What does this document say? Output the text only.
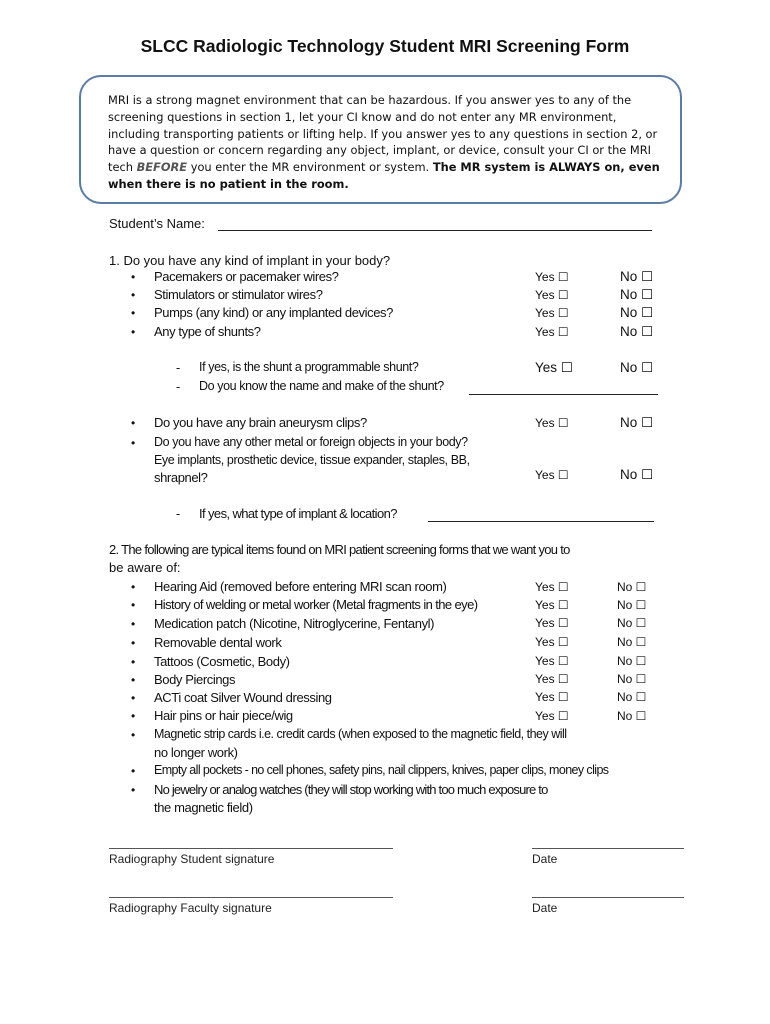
SLCC Radiologic Technology Student MRI Screening Form
MRI is a strong magnet environment that can be hazardous. If you answer yes to any of the screening questions in section 1, let your CI know and do not enter any MR environment, including transporting patients or lifting help. If you answer yes to any questions in section 2, or have a question or concern regarding any object, implant, or device, consult your CI or the MRI tech BEFORE you enter the MR environment or system. The MR system is ALWAYS on, even when there is no patient in the room.
Student’s Name:
1. Do you have any kind of implant in your body?
• Pacemakers or pacemaker wires?	Yes ☐	No ☐
• Stimulators or stimulator wires?	Yes ☐	No ☐
• Pumps (any kind) or any implanted devices?	Yes ☐	No ☐
• Any type of shunts?	Yes ☐	No ☐
- If yes, is the shunt a programmable shunt?	Yes ☐	No ☐
- Do you know the name and make of the shunt?
• Do you have any brain aneurysm clips?	Yes ☐	No ☐
• Do you have any other metal or foreign objects in your body?
Eye implants, prosthetic device, tissue expander, staples, BB,
shrapnel?	Yes ☐	No ☐
- If yes, what type of implant & location?
2. The following are typical items found on MRI patient screening forms that we want you to
be aware of:
• Hearing Aid (removed before entering MRI scan room)	Yes ☐	No ☐
• History of welding or metal worker (Metal fragments in the eye)	Yes ☐	No ☐
• Medication patch (Nicotine, Nitroglycerine, Fentanyl)	Yes ☐	No ☐
• Removable dental work	Yes ☐	No ☐
• Tattoos (Cosmetic, Body)	Yes ☐	No ☐
• Body Piercings	Yes ☐	No ☐
• ACTi coat Silver Wound dressing	Yes ☐	No ☐
• Hair pins or hair piece/wig	Yes ☐	No ☐
• Magnetic strip cards i.e. credit cards (when exposed to the magnetic field, they will
no longer work)
• Empty all pockets - no cell phones, safety pins, nail clippers, knives, paper clips, money clips
• No jewelry or analog watches (they will stop working with too much exposure to
the magnetic field)
Radiography Student signature	Date
Radiography Faculty signature	Date
